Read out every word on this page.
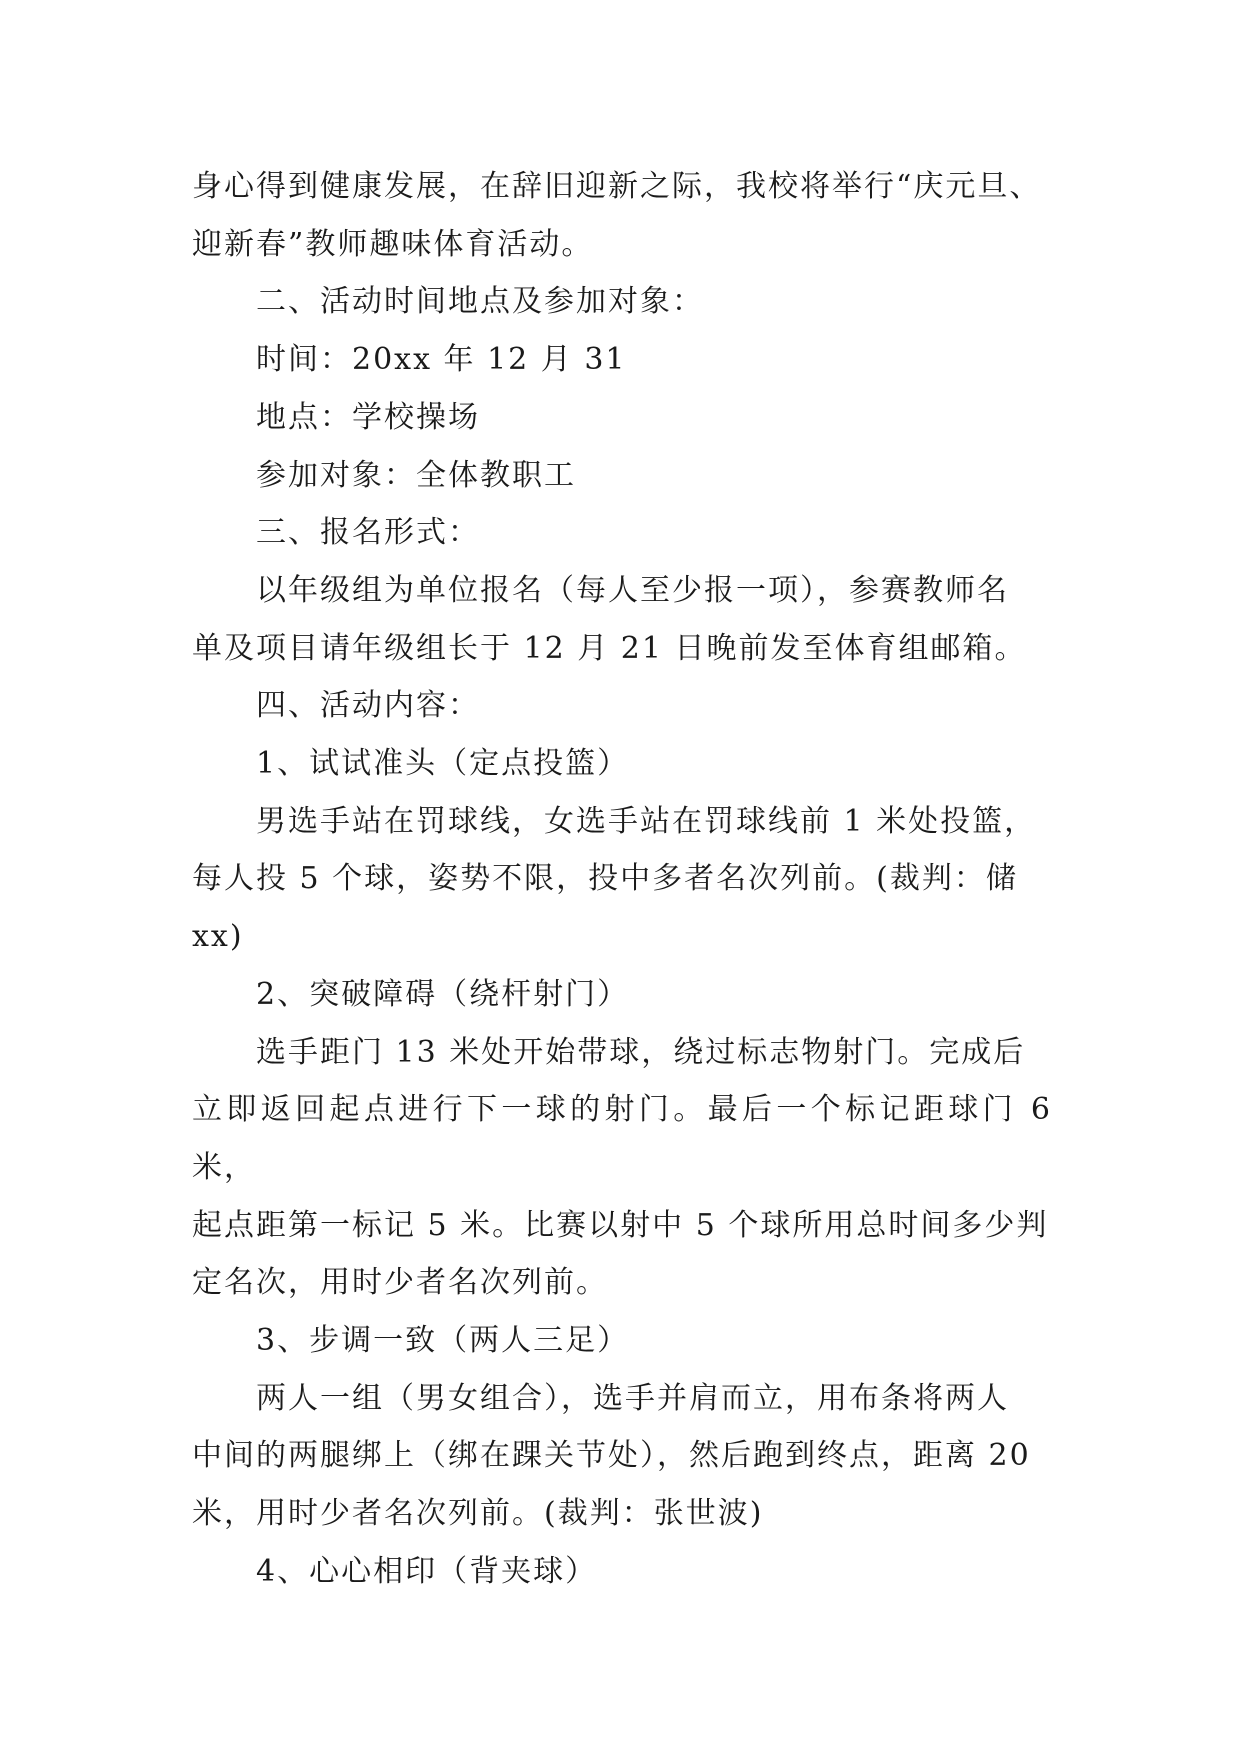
身心得到健康发展，在辞旧迎新之际，我校将举行“庆元旦、
迎新春”教师趣味体育活动。
二、活动时间地点及参加对象：
时间：20xx 年 12 月 31
地点：学校操场
参加对象：全体教职工
三、报名形式：
以年级组为单位报名（每人至少报一项），参赛教师名
单及项目请年级组长于 12 月 21 日晚前发至体育组邮箱。
四、活动内容：
1、试试准头（定点投篮）
男选手站在罚球线，女选手站在罚球线前 1 米处投篮，
每人投 5 个球，姿势不限，投中多者名次列前。(裁判：储
xx)
2、突破障碍（绕杆射门）
选手距门 13 米处开始带球，绕过标志物射门。完成后
立即返回起点进行下一球的射门。最后一个标记距球门 6 米，
起点距第一标记 5 米。比赛以射中 5 个球所用总时间多少判
定名次，用时少者名次列前。
3、步调一致（两人三足）
两人一组（男女组合），选手并肩而立，用布条将两人
中间的两腿绑上（绑在踝关节处），然后跑到终点，距离 20
米，用时少者名次列前。(裁判：张世波)
4、心心相印（背夹球）
